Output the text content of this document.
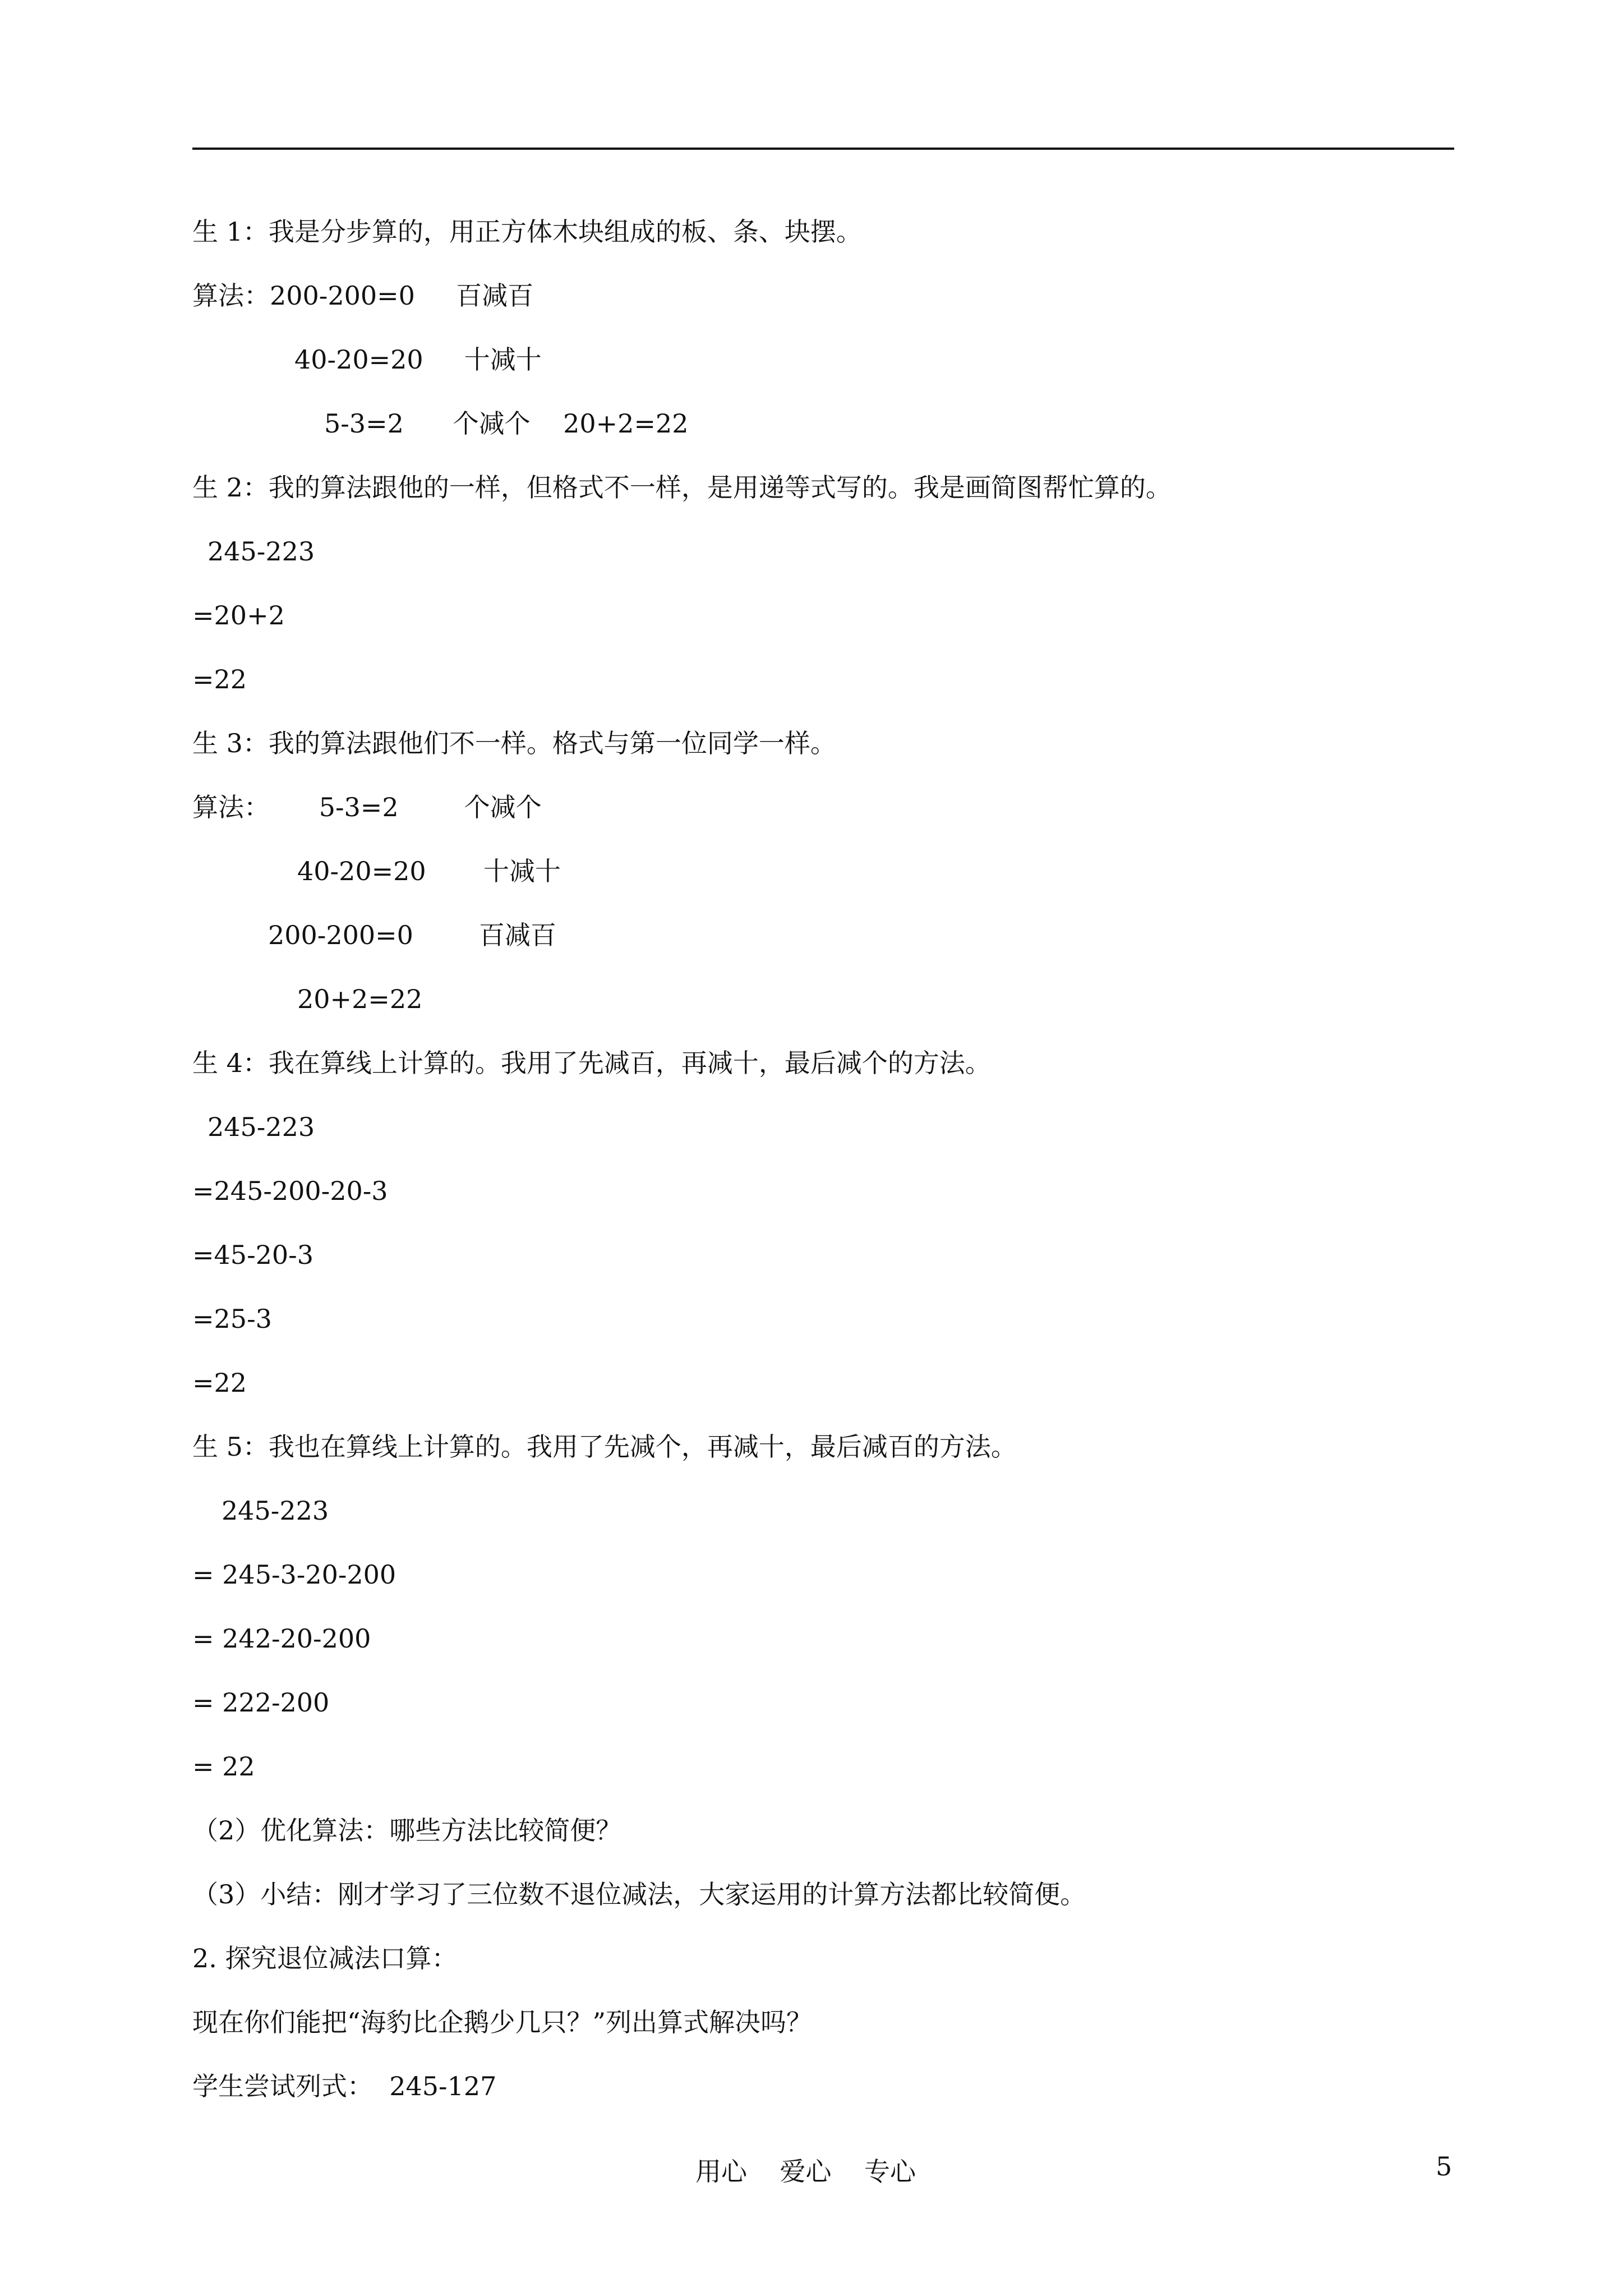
生 1：我是分步算的，用正方体木块组成的板、条、块摆。
算法：200-200=0     百减百
40-20=20     十减十
5-3=2      个减个    20+2=22
生 2：我的算法跟他的一样，但格式不一样，是用递等式写的。我是画简图帮忙算的。
245-223
=20+2
=22
生 3：我的算法跟他们不一样。格式与第一位同学一样。
算法：      5-3=2        个减个
40-20=20       十减十
200-200=0        百减百
20+2=22
生 4：我在算线上计算的。我用了先减百，再减十，最后减个的方法。
245-223
=245-200-20-3
=45-20-3
=25-3
=22
生 5：我也在算线上计算的。我用了先减个，再减十，最后减百的方法。
245-223
= 245-3-20-200
= 242-20-200
= 222-200
= 22
（2）优化算法：哪些方法比较简便？
（3）小结：刚才学习了三位数不退位减法，大家运用的计算方法都比较简便。
2. 探究退位减法口算：
现在你们能把“海豹比企鹅少几只？”列出算式解决吗？
学生尝试列式：  245-127
用心    爱心    专心	5
